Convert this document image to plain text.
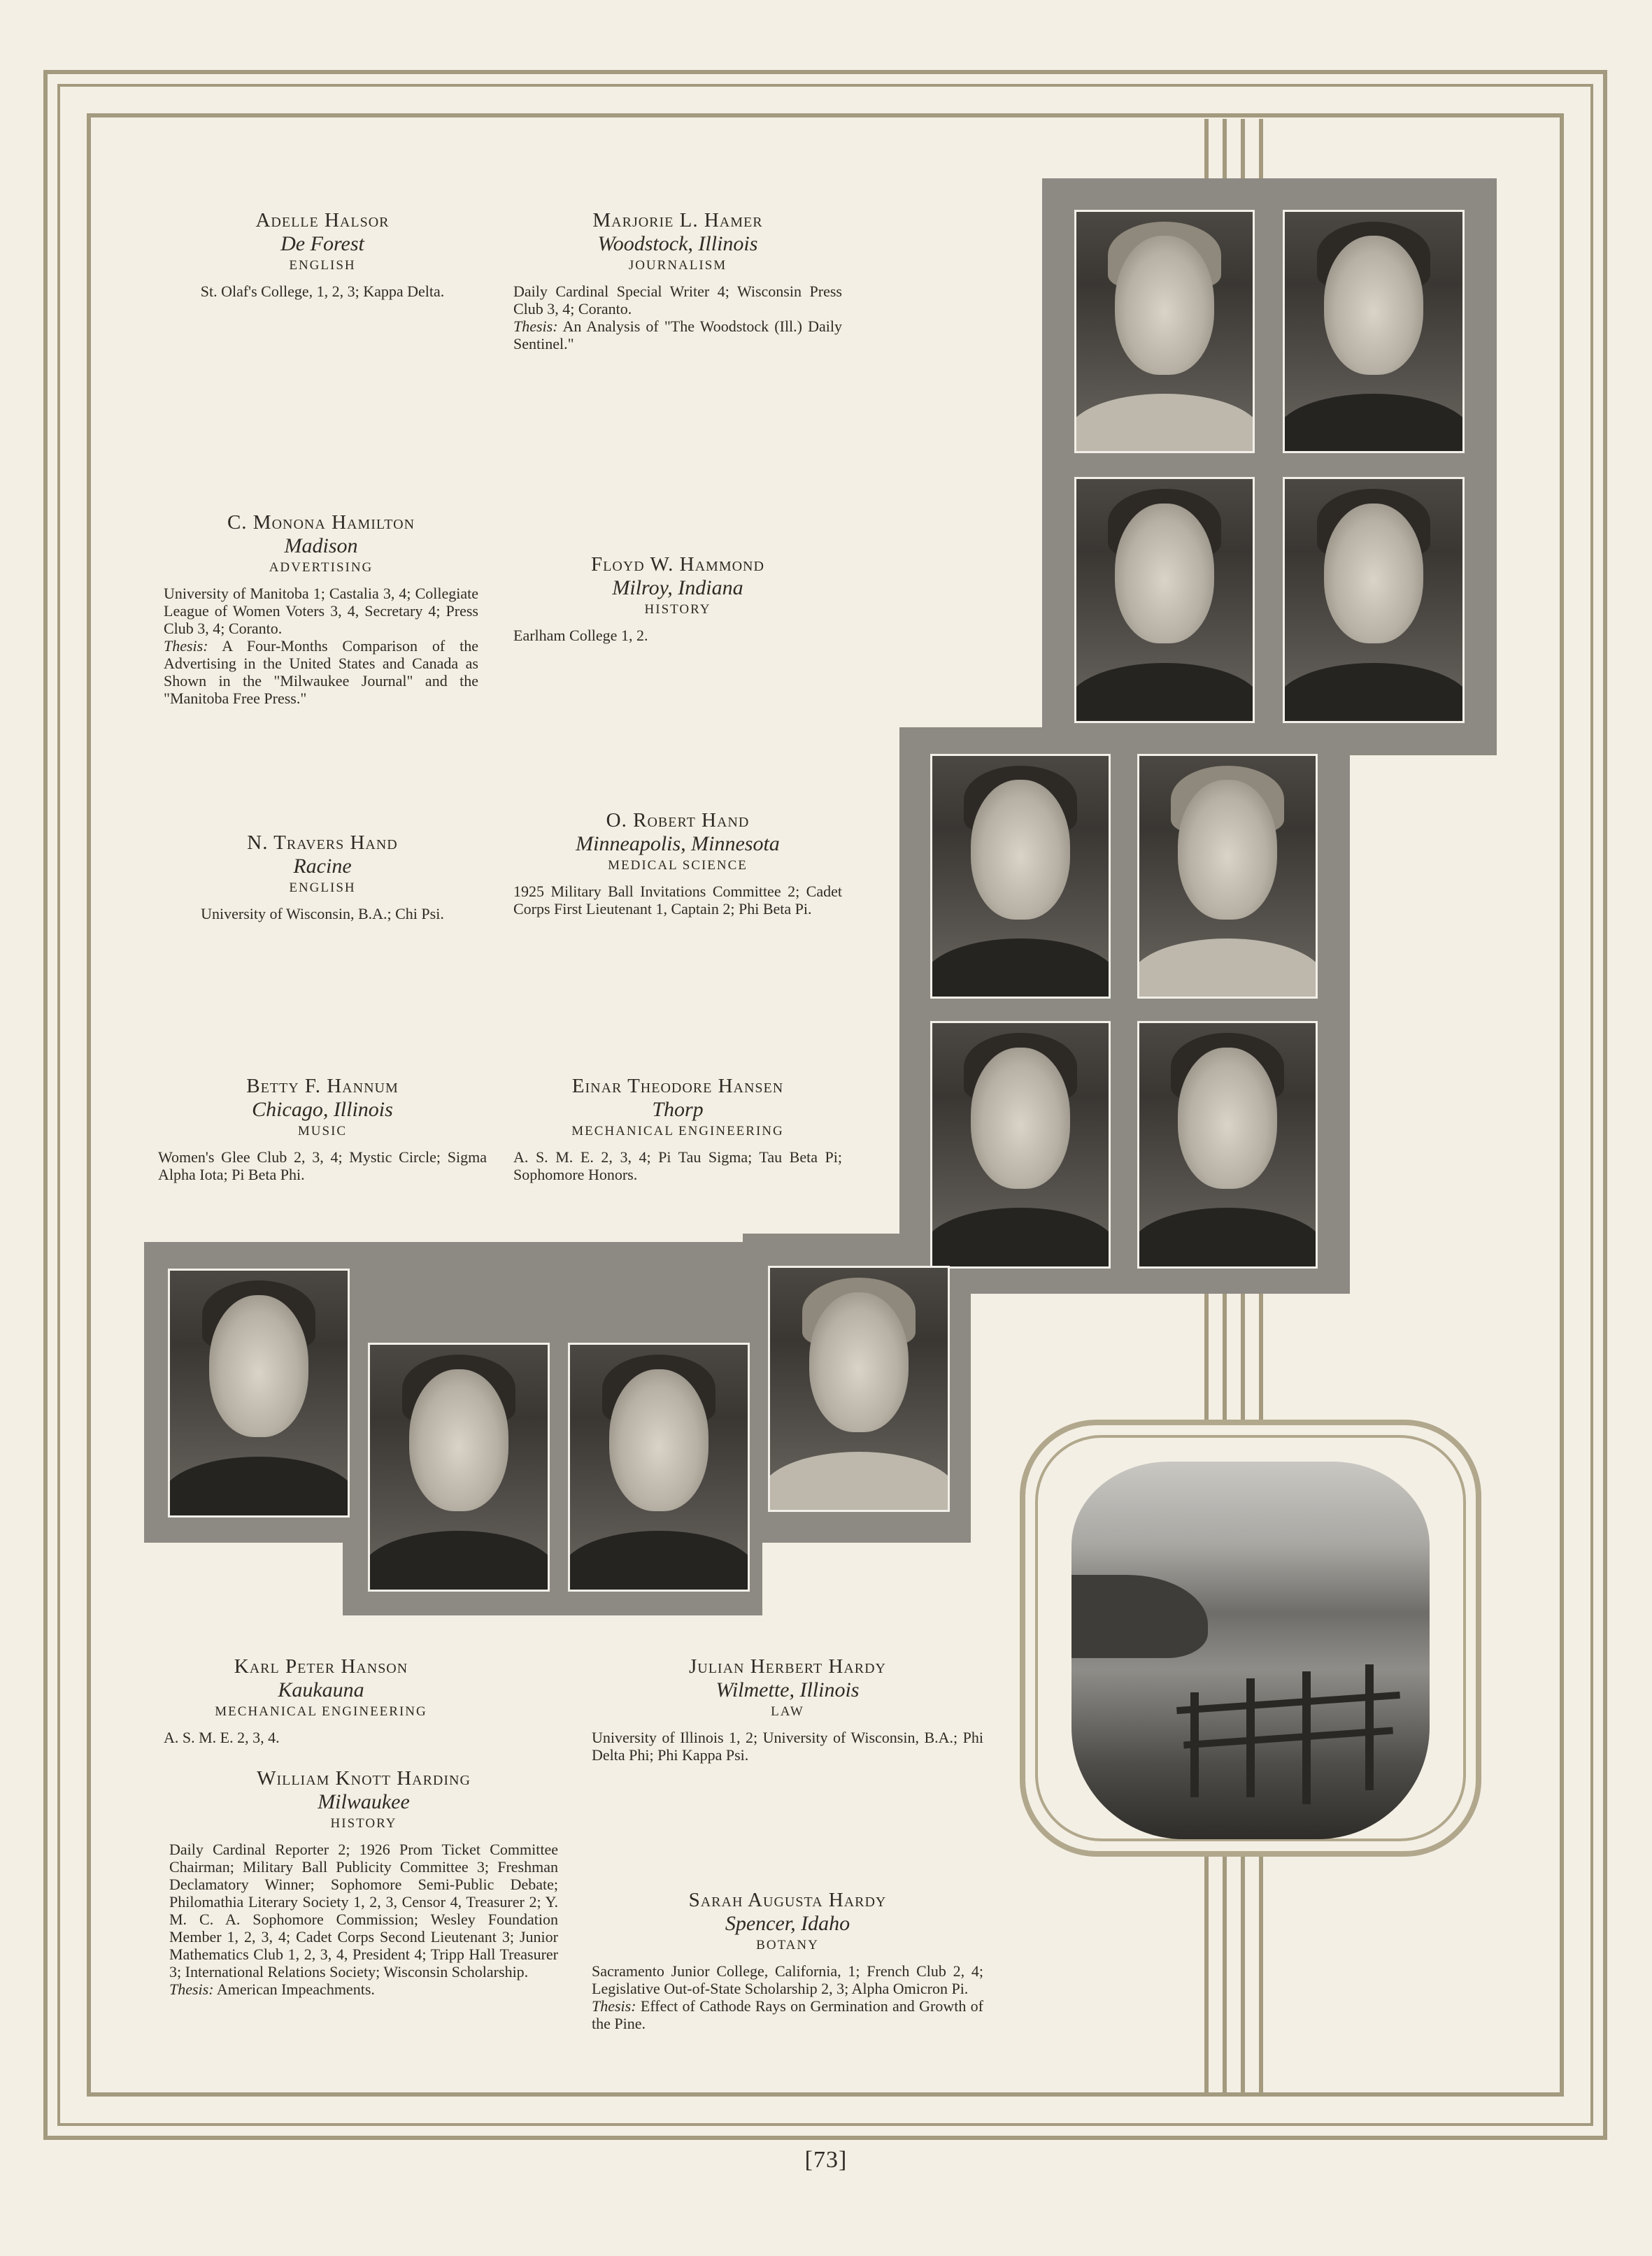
Adelle Halsor
De Forest
ENGLISH
St. Olaf's College, 1, 2, 3; Kappa Delta.
Marjorie L. Hamer
Woodstock, Illinois
JOURNALISM
Daily Cardinal Special Writer 4; Wisconsin Press Club 3, 4; Coranto.
Thesis: An Analysis of "The Woodstock (Ill.) Daily Sentinel."
C. Monona Hamilton
Madison
ADVERTISING
University of Manitoba 1; Castalia 3, 4; Collegiate League of Women Voters 3, 4, Secretary 4; Press Club 3, 4; Coranto.
Thesis: A Four-Months Comparison of the Advertising in the United States and Canada as Shown in the "Milwaukee Journal" and the "Manitoba Free Press."
Floyd W. Hammond
Milroy, Indiana
HISTORY
Earlham College 1, 2.
N. Travers Hand
Racine
ENGLISH
University of Wisconsin, B.A.; Chi Psi.
O. Robert Hand
Minneapolis, Minnesota
MEDICAL SCIENCE
1925 Military Ball Invitations Committee 2; Cadet Corps First Lieutenant 1, Captain 2; Phi Beta Pi.
Betty F. Hannum
Chicago, Illinois
MUSIC
Women's Glee Club 2, 3, 4; Mystic Circle; Sigma Alpha Iota; Pi Beta Phi.
Einar Theodore Hansen
Thorp
MECHANICAL ENGINEERING
A. S. M. E. 2, 3, 4; Pi Tau Sigma; Tau Beta Pi; Sophomore Honors.
Karl Peter Hanson
Kaukauna
MECHANICAL ENGINEERING
A. S. M. E. 2, 3, 4.
Julian Herbert Hardy
Wilmette, Illinois
LAW
University of Illinois 1, 2; University of Wisconsin, B.A.; Phi Delta Phi; Phi Kappa Psi.
William Knott Harding
Milwaukee
HISTORY
Daily Cardinal Reporter 2; 1926 Prom Ticket Committee Chairman; Military Ball Publicity Committee 3; Freshman Declamatory Winner; Sophomore Semi-Public Debate; Philomathia Literary Society 1, 2, 3, Censor 4, Treasurer 2; Y. M. C. A. Sophomore Commission; Wesley Foundation Member 1, 2, 3, 4; Cadet Corps Second Lieutenant 3; Junior Mathematics Club 1, 2, 3, 4, President 4; Tripp Hall Treasurer 3; International Relations Society; Wisconsin Scholarship.
Thesis: American Impeachments.
Sarah Augusta Hardy
Spencer, Idaho
BOTANY
Sacramento Junior College, California, 1; French Club 2, 4; Legislative Out-of-State Scholarship 2, 3; Alpha Omicron Pi.
Thesis: Effect of Cathode Rays on Germination and Growth of the Pine.
[73]
